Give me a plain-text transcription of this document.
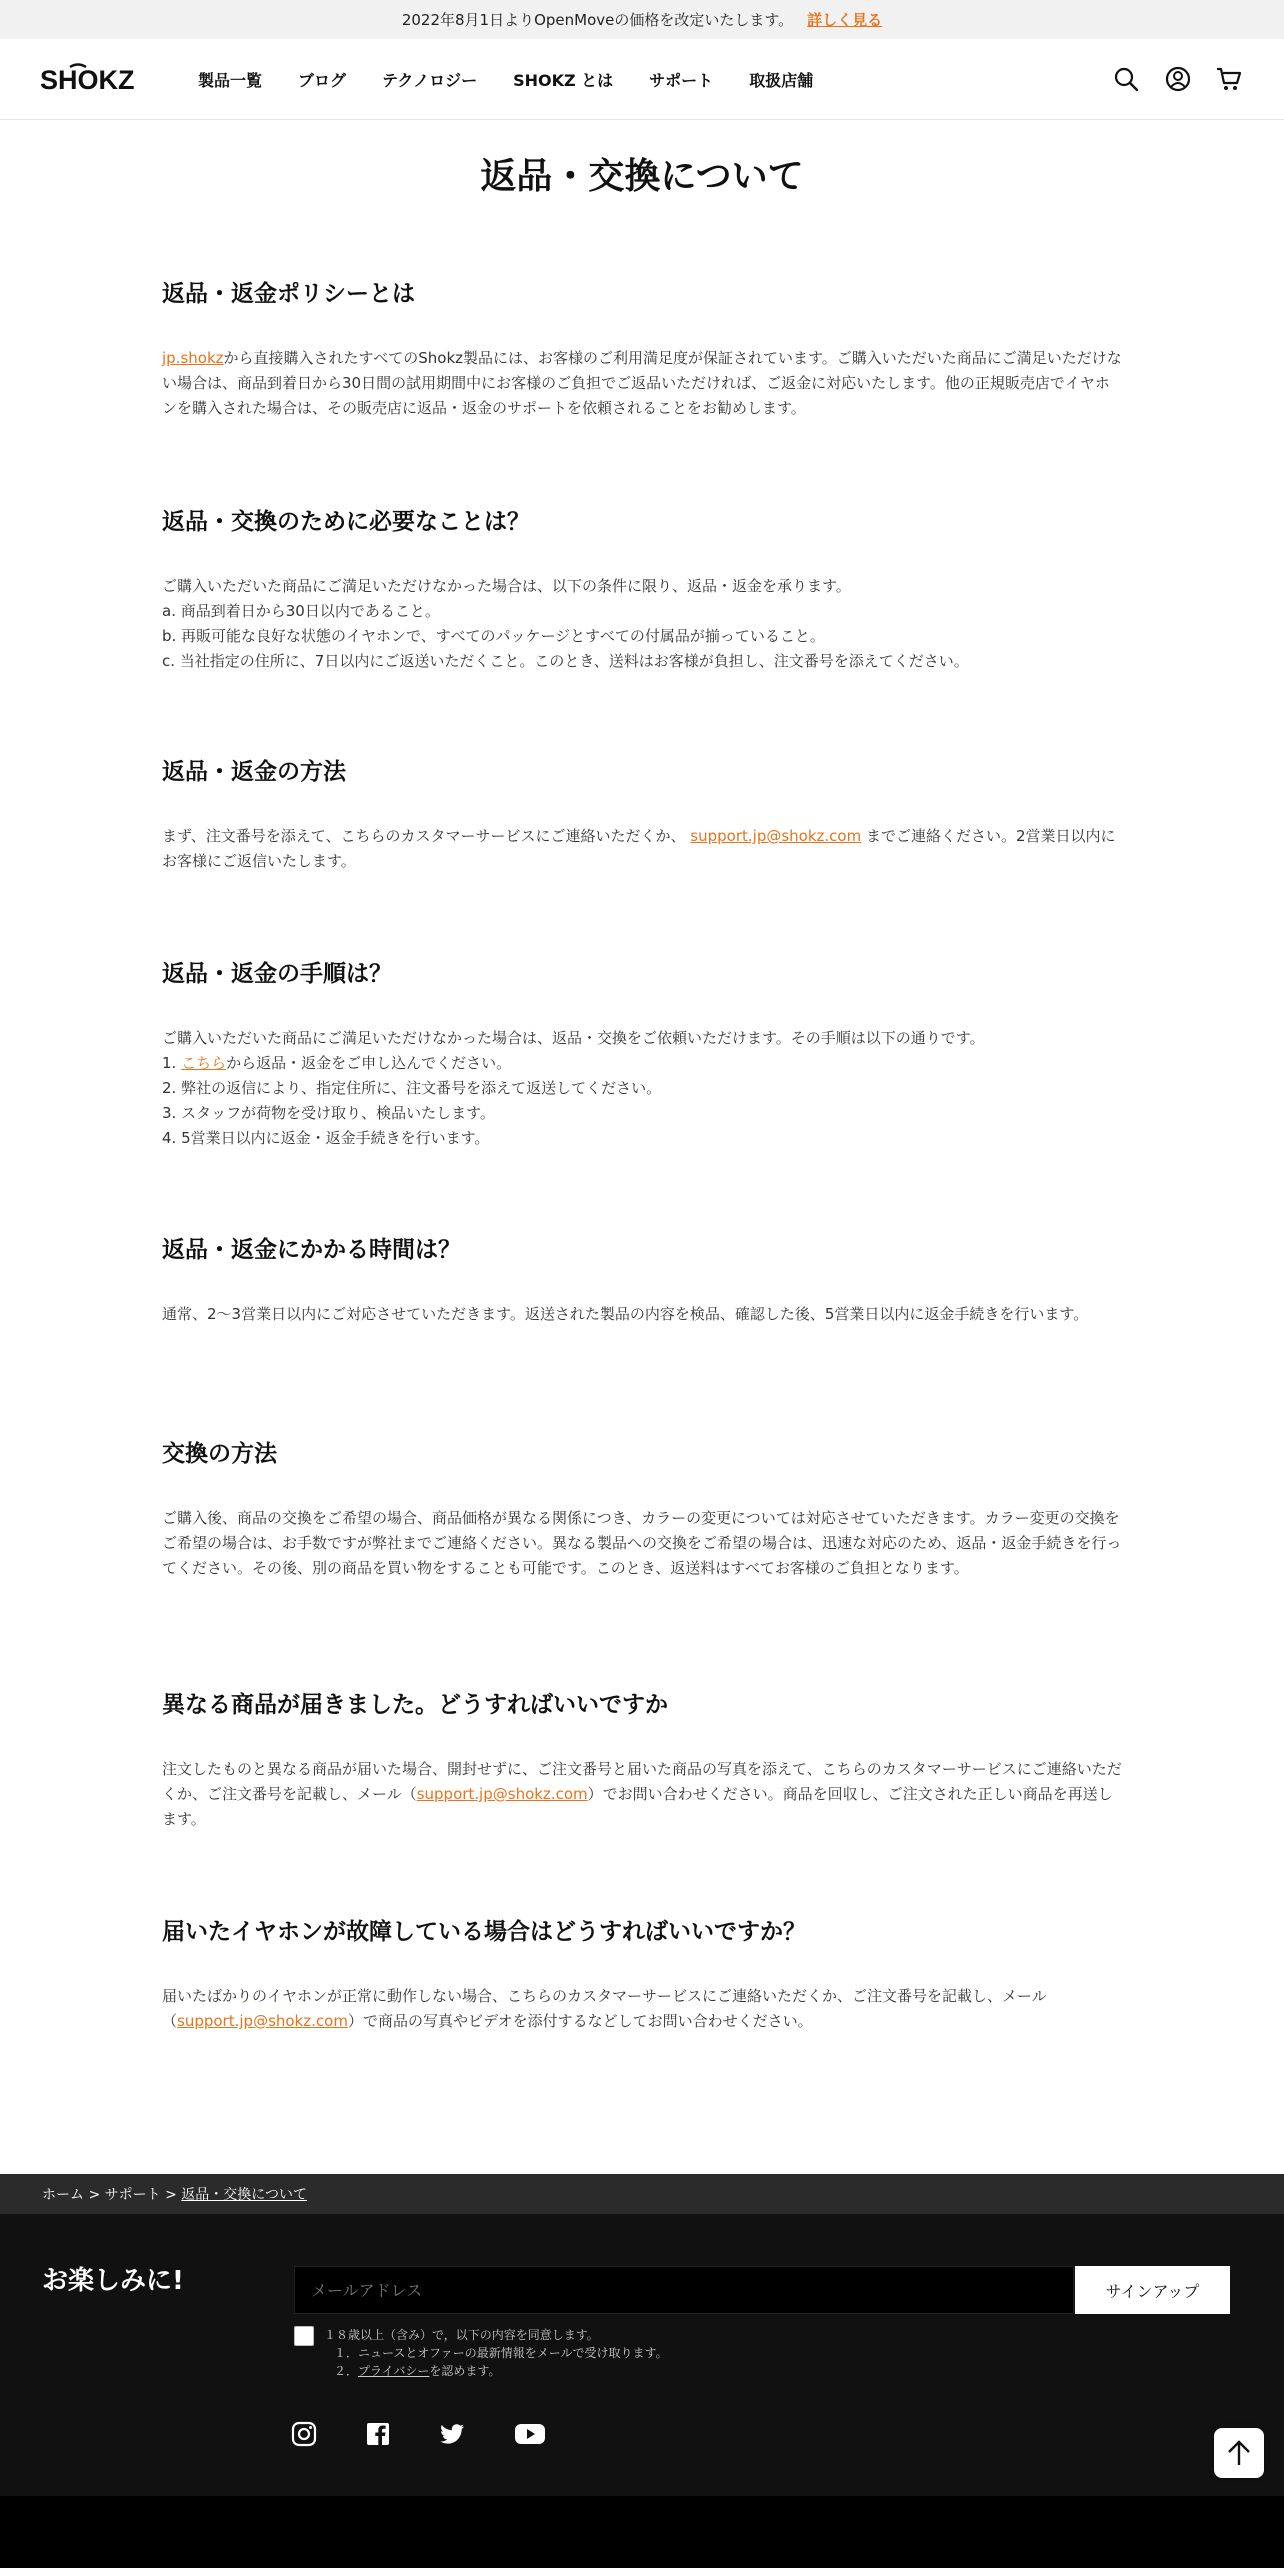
2022年8月1日よりOpenMoveの価格を改定いたします。 詳しく見る
SHOKZ	製品一覧 ブログ テクノロジー SHOKZ とは サポート 取扱店舗
返品・交換について
返品・返金ポリシーとは

jp.shokzから直接購入されたすべてのShokz製品には、お客様のご利用満足度が保証されています。ご購入いただいた商品にご満足いただけない場合は、商品到着日から30日間の試用期間中にお客様のご負担でご返品いただければ、ご返金に対応いたします。他の正規販売店でイヤホンを購入された場合は、その販売店に返品・返金のサポートを依頼されることをお勧めします。

返品・交換のために必要なことは？

ご購入いただいた商品にご満足いただけなかった場合は、以下の条件に限り、返品・返金を承ります。

a. 商品到着日から30日以内であること。

b. 再販可能な良好な状態のイヤホンで、すべてのパッケージとすべての付属品が揃っていること。

c. 当社指定の住所に、7日以内にご返送いただくこと。このとき、送料はお客様が負担し、注文番号を添えてください。

返品・返金の方法

まず、注文番号を添えて、こちらのカスタマーサービスにご連絡いただくか、 support.jp@shokz.com までご連絡ください。2営業日以内にお客様にご返信いたします。

返品・返金の手順は？

ご購入いただいた商品にご満足いただけなかった場合は、返品・交換をご依頼いただけます。その手順は以下の通りです。

1. こちらから返品・返金をご申し込んでください。

2. 弊社の返信により、指定住所に、注文番号を添えて返送してください。

3. スタッフが荷物を受け取り、検品いたします。

4. 5営業日以内に返金・返金手続きを行います。

返品・返金にかかる時間は？

通常、2～3営業日以内にご対応させていただきます。返送された製品の内容を検品、確認した後、5営業日以内に返金手続きを行います。

交換の方法

ご購入後、商品の交換をご希望の場合、商品価格が異なる関係につき、カラーの変更については対応させていただきます。カラー変更の交換をご希望の場合は、お手数ですが弊社までご連絡ください。異なる製品への交換をご希望の場合は、迅速な対応のため、返品・返金手続きを行ってください。その後、別の商品を買い物をすることも可能です。このとき、返送料はすべてお客様のご負担となります。

異なる商品が届きました。どうすればいいですか

注文したものと異なる商品が届いた場合、開封せずに、ご注文番号と届いた商品の写真を添えて、こちらのカスタマーサービスにご連絡いただくか、ご注文番号を記載し、メール（support.jp@shokz.com）でお問い合わせください。商品を回収し、ご注文された正しい商品を再送します。

届いたイヤホンが故障している場合はどうすればいいですか？

届いたばかりのイヤホンが正常に動作しない場合、こちらのカスタマーサービスにご連絡いただくか、ご注文番号を記載し、メール（support.jp@shokz.com）で商品の写真やビデオを添付するなどしてお問い合わせください。

ホーム > サポート > 返品・交換について
お楽しみに!
メールアドレス	サインアップ
１８歳以上（含み）で，以下の内容を同意します。
１．ニュースとオファーの最新情報をメールで受け取ります。
２．プライバシーを認めます。
